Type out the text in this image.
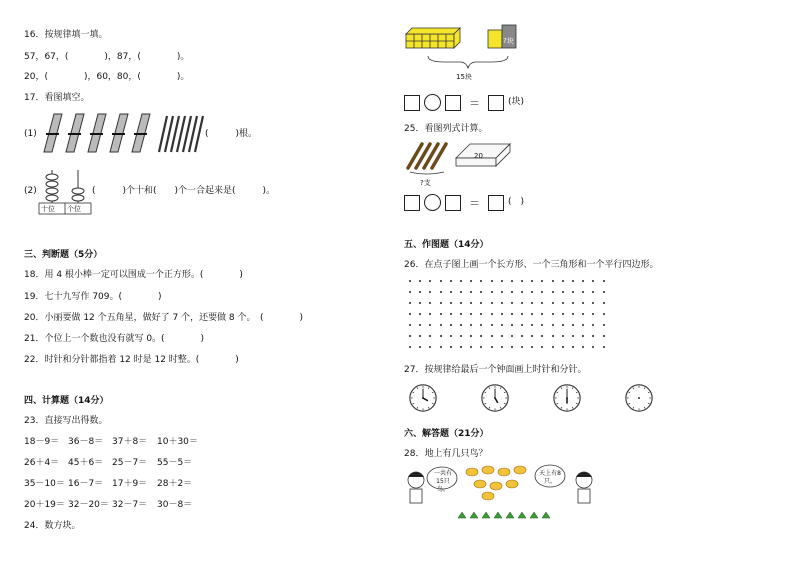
16．按规律填一填。
57，67，(　　　　)，87，(　　　　)。
20，(　　　　)，60，80，(　　　　)。
17．看图填空。
(1)	(　　　)根。
(2)
十位 个位
(　　　)个十和(　　)个一合起来是(　　　)。
三、判断题（5分）
18．用 4 根小棒一定可以围成一个正方形。(　　　　)
19．七十九写作 709。(　　　　)
20．小丽要做 12 个五角星，做好了 7 个，还要做 8 个。　(　　　　)
21．个位上一个数也没有就写 0。(　　　　)
22．时针和分针都指着 12 时是 12 时整。(　　　　)
四、计算题（14分）
23．直接写出得数。
18－9＝ 36－8＝ 37＋8＝ 10＋30＝
26＋4＝ 45＋6＝ 25－7＝ 55－5＝
35－10＝ 16－7＝ 17＋9＝ 28＋2＝
20＋19＝ 32－20＝ 32－7＝ 30－8＝
24．数方块。
?块
15块
＝	(块)
25．看图列式计算。
20
?支
＝	(　)
五、作图题（14分）
26．在点子图上画一个长方形、一个三角形和一个平行四边形。
27．按规律给最后一个钟面画上时针和分针。
六、解答题（21分）
28．地上有几只鸟？
一共有15只鸟。
天上有8只。
